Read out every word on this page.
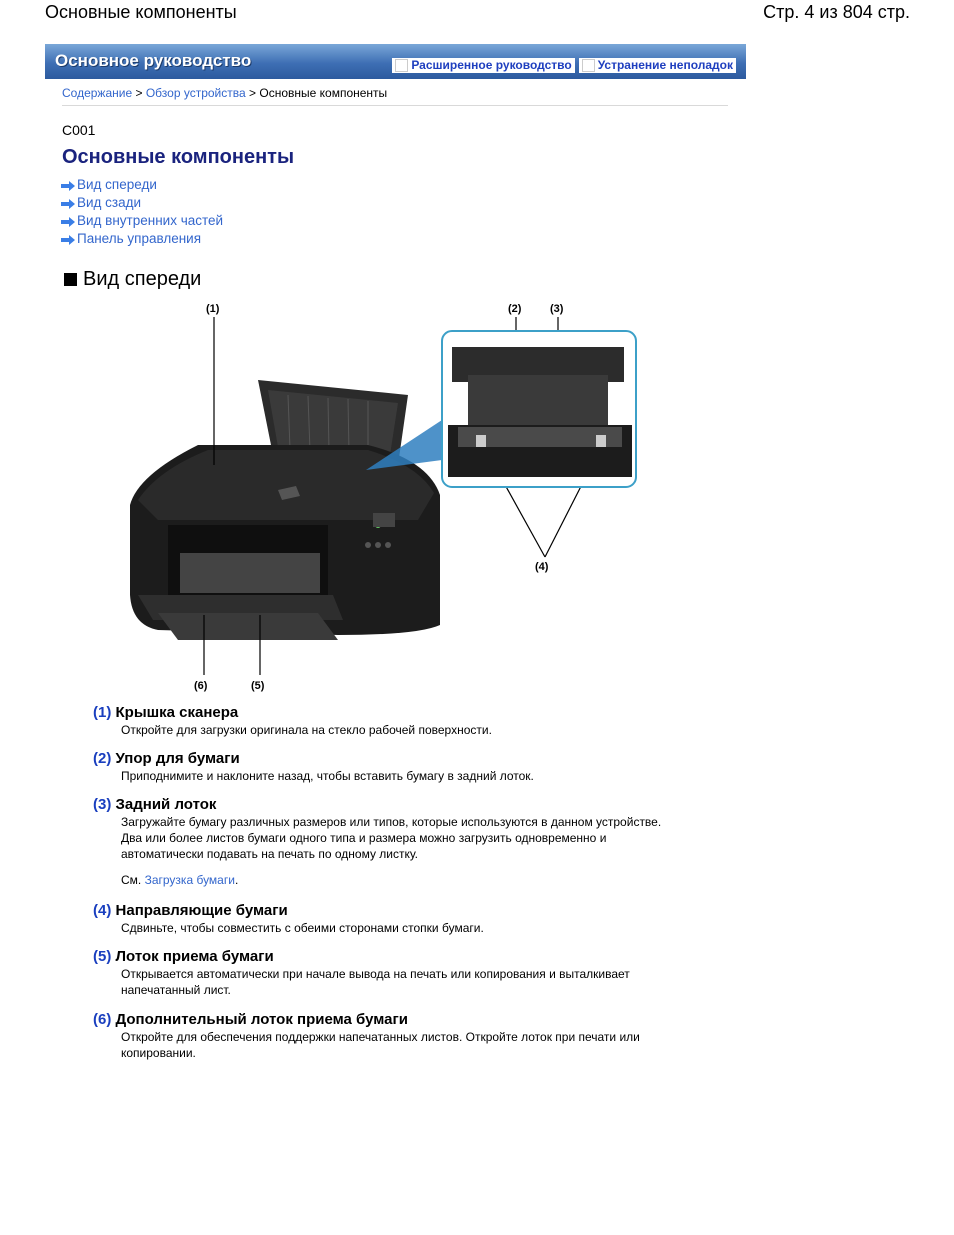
Основные компоненты	Стр. 4 из 804 стр.
Основное руководство	Расширенное руководство Устранение неполадок
Содержание > Обзор устройства > Основные компоненты
C001
Основные компоненты
Вид спереди
Вид сзади
Вид внутренних частей
Панель управления
Вид спереди
(1)	(2)	(3)
(4)
(5)
(6)
(1) Крышка сканера
Откройте для загрузки оригинала на стекло рабочей поверхности.
(2) Упор для бумаги
Приподнимите и наклоните назад, чтобы вставить бумагу в задний лоток.
(3) Задний лоток
Загружайте бумагу различных размеров или типов, которые используются в данном устройстве.
Два или более листов бумаги одного типа и размера можно загрузить одновременно и
автоматически подавать на печать по одному листку.
См. Загрузка бумаги.
(4) Направляющие бумаги
Сдвиньте, чтобы совместить с обеими сторонами стопки бумаги.
(5) Лоток приема бумаги
Открывается автоматически при начале вывода на печать или копирования и выталкивает
напечатанный лист.
(6) Дополнительный лоток приема бумаги
Откройте для обеспечения поддержки напечатанных листов. Откройте лоток при печати или
копировании.
